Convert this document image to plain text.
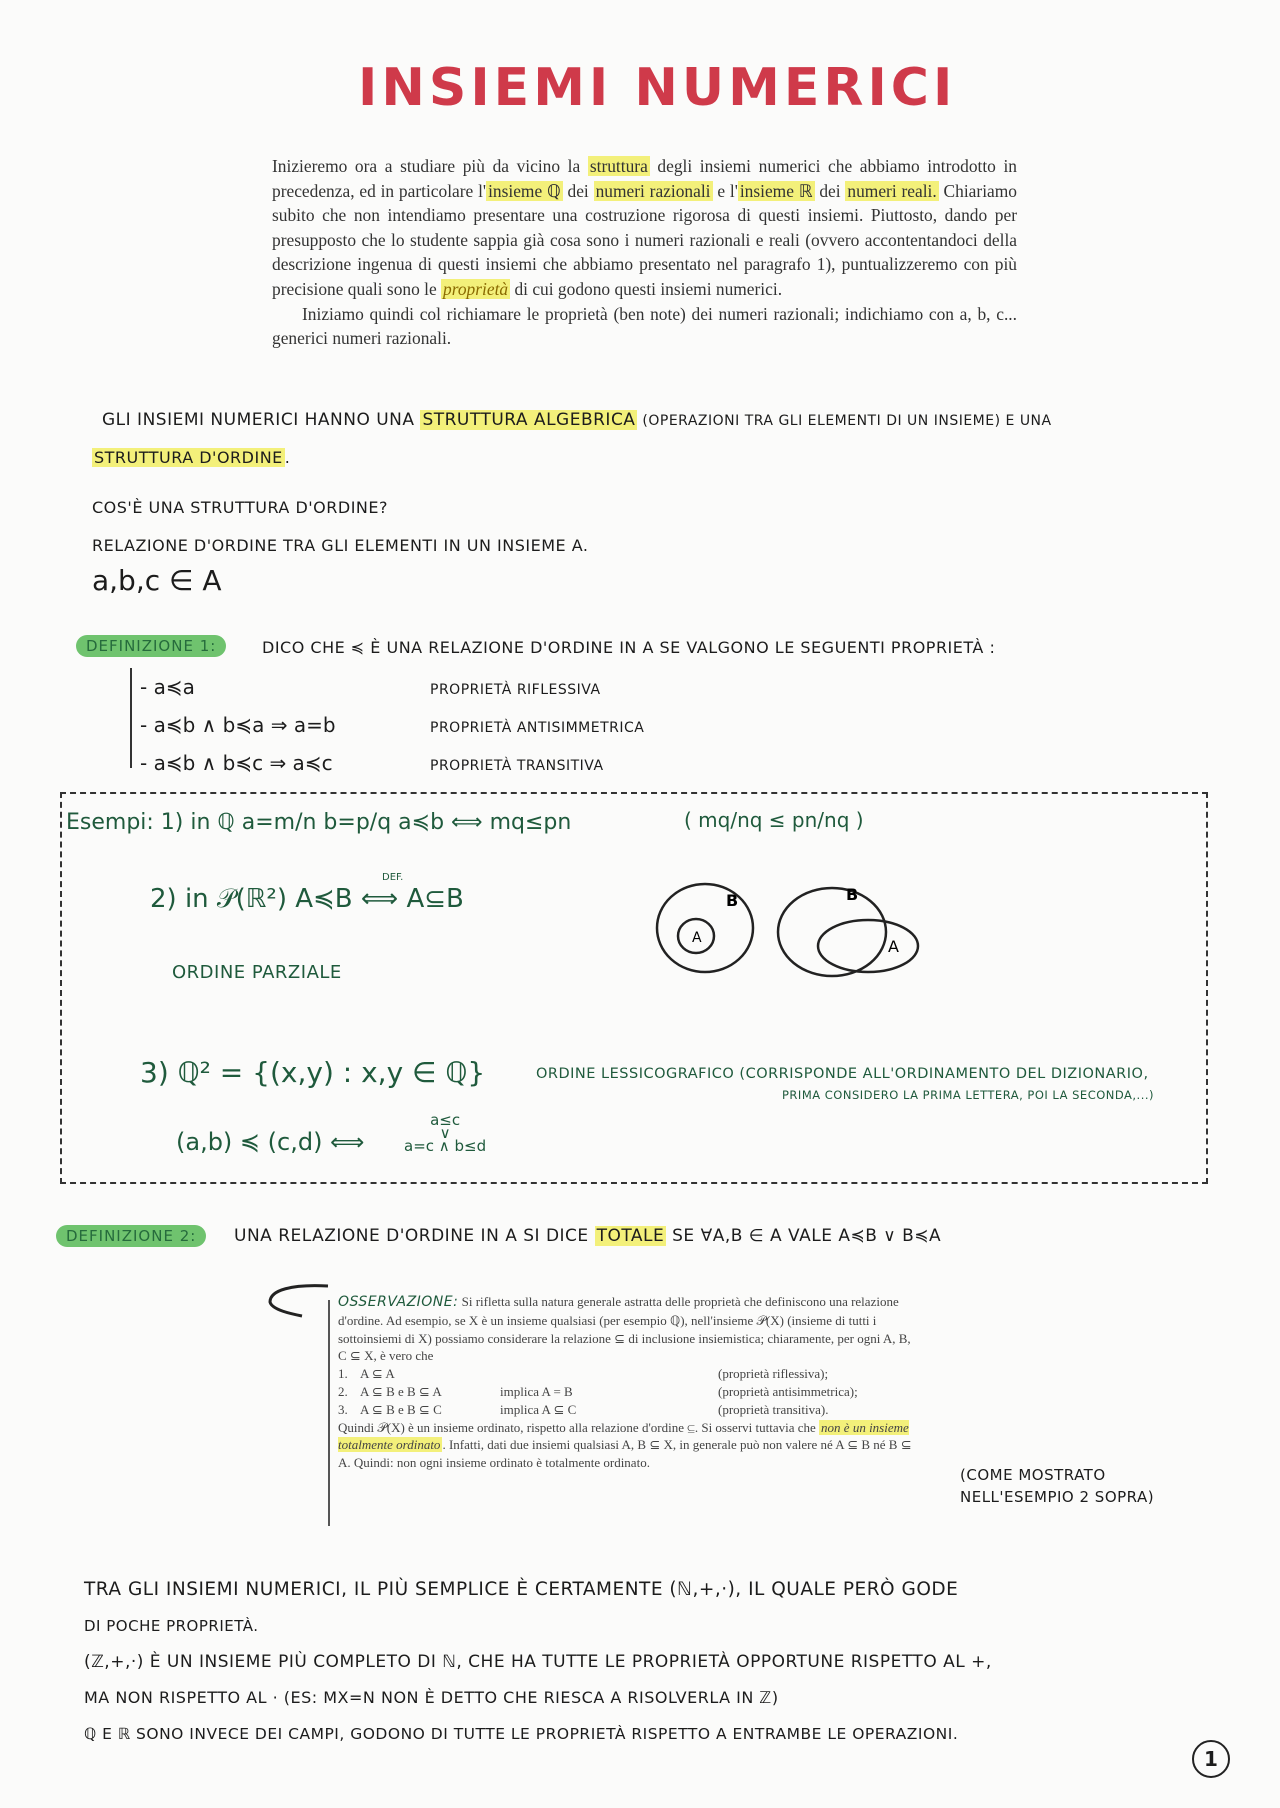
INSIEMI NUMERICI

Inizieremo ora a studiare più da vicino la struttura degli insiemi numerici che abbiamo introdotto in precedenza, ed in particolare l' insieme ℚ dei numeri razionali e l' insieme ℝ dei numeri reali. Chiariamo subito che non intendiamo presentare una costruzione rigorosa di questi insiemi. Piuttosto, dando per presupposto che lo studente sappia già cosa sono i numeri razionali e reali (ovvero accontentandoci della descrizione ingenua di questi insiemi che abbiamo presentato nel paragrafo 1), puntualizzeremo con più precisione quali sono le proprietà di cui godono questi insiemi numerici.

Iniziamo quindi col richiamare le proprietà (ben note) dei numeri razionali; indichiamo con a, b, c... generici numeri razionali.

GLI INSIEMI NUMERICI HANNO UNA STRUTTURA ALGEBRICA (OPERAZIONI TRA GLI ELEMENTI DI UN INSIEME) E UNA
STRUTTURA D'ORDINE .
COS'È UNA STRUTTURA D'ORDINE?
RELAZIONE D'ORDINE TRA GLI ELEMENTI IN UN INSIEME A.
a,b,c ∈ A
DEFINIZIONE 1:	DICO CHE ≼ È UNA RELAZIONE D'ORDINE IN A SE VALGONO LE SEGUENTI PROPRIETÀ :
- a≼a	PROPRIETÀ RIFLESSIVA
- a≼b ∧ b≼a ⇒ a=b	PROPRIETÀ ANTISIMMETRICA
- a≼b ∧ b≼c ⇒ a≼c	PROPRIETÀ TRANSITIVA
Esempi: 1) in ℚ a=m/n b=p/q a≼b ⟺ mq≤pn	( mq/nq ≤ pn/nq )
2) in 𝒫(ℝ²) A≼B ⟺ A⊆B
DEF.
ORDINE PARZIALE
A
B	B
A
3) ℚ² = {(x,y) : x,y ∈ ℚ}
(a,b) ≼ (c,d) ⟺
a≤c
∨
a=c ∧ b≤d
ORDINE LESSICOGRAFICO (CORRISPONDE ALL'ORDINAMENTO DEL DIZIONARIO,
PRIMA CONSIDERO LA PRIMA LETTERA, POI LA SECONDA,...)
DEFINIZIONE 2:	UNA RELAZIONE D'ORDINE IN A SI DICE TOTALE SE ∀A,B ∈ A VALE A≼B ∨ B≼A
OSSERVAZIONE: Si rifletta sulla natura generale astratta delle proprietà che definiscono una relazione d'ordine. Ad esempio, se X è un insieme qualsiasi (per esempio ℚ), nell'insieme 𝒫(X) (insieme di tutti i sottoinsiemi di X) possiamo considerare la relazione ⊆ di inclusione insiemistica; chiaramente, per ogni A, B, C ⊆ X, è vero che
1. A ⊆ A	(proprietà riflessiva);
2. A ⊆ B e B ⊆ A	implica A = B	(proprietà antisimmetrica);
3. A ⊆ B e B ⊆ C	implica A ⊆ C	(proprietà transitiva).
Quindi 𝒫(X) è un insieme ordinato, rispetto alla relazione d'ordine ⊆. Si osservi tuttavia che non è un insieme totalmente ordinato . Infatti, dati due insiemi qualsiasi A, B ⊆ X, in generale può non valere né A ⊆ B né B ⊆ A. Quindi: non ogni insieme ordinato è totalmente ordinato.
(COME MOSTRATO NELL'ESEMPIO 2 SOPRA)
TRA GLI INSIEMI NUMERICI, IL PIÙ SEMPLICE È CERTAMENTE (ℕ,+,·), IL QUALE PERÒ GODE
DI POCHE PROPRIETÀ.
(ℤ,+,·) È UN INSIEME PIÙ COMPLETO DI ℕ, CHE HA TUTTE LE PROPRIETÀ OPPORTUNE RISPETTO AL +,
MA NON RISPETTO AL · (ES: MX=N NON È DETTO CHE RIESCA A RISOLVERLA IN ℤ)
ℚ E ℝ SONO INVECE DEI CAMPI, GODONO DI TUTTE LE PROPRIETÀ RISPETTO A ENTRAMBE LE OPERAZIONI.
1
